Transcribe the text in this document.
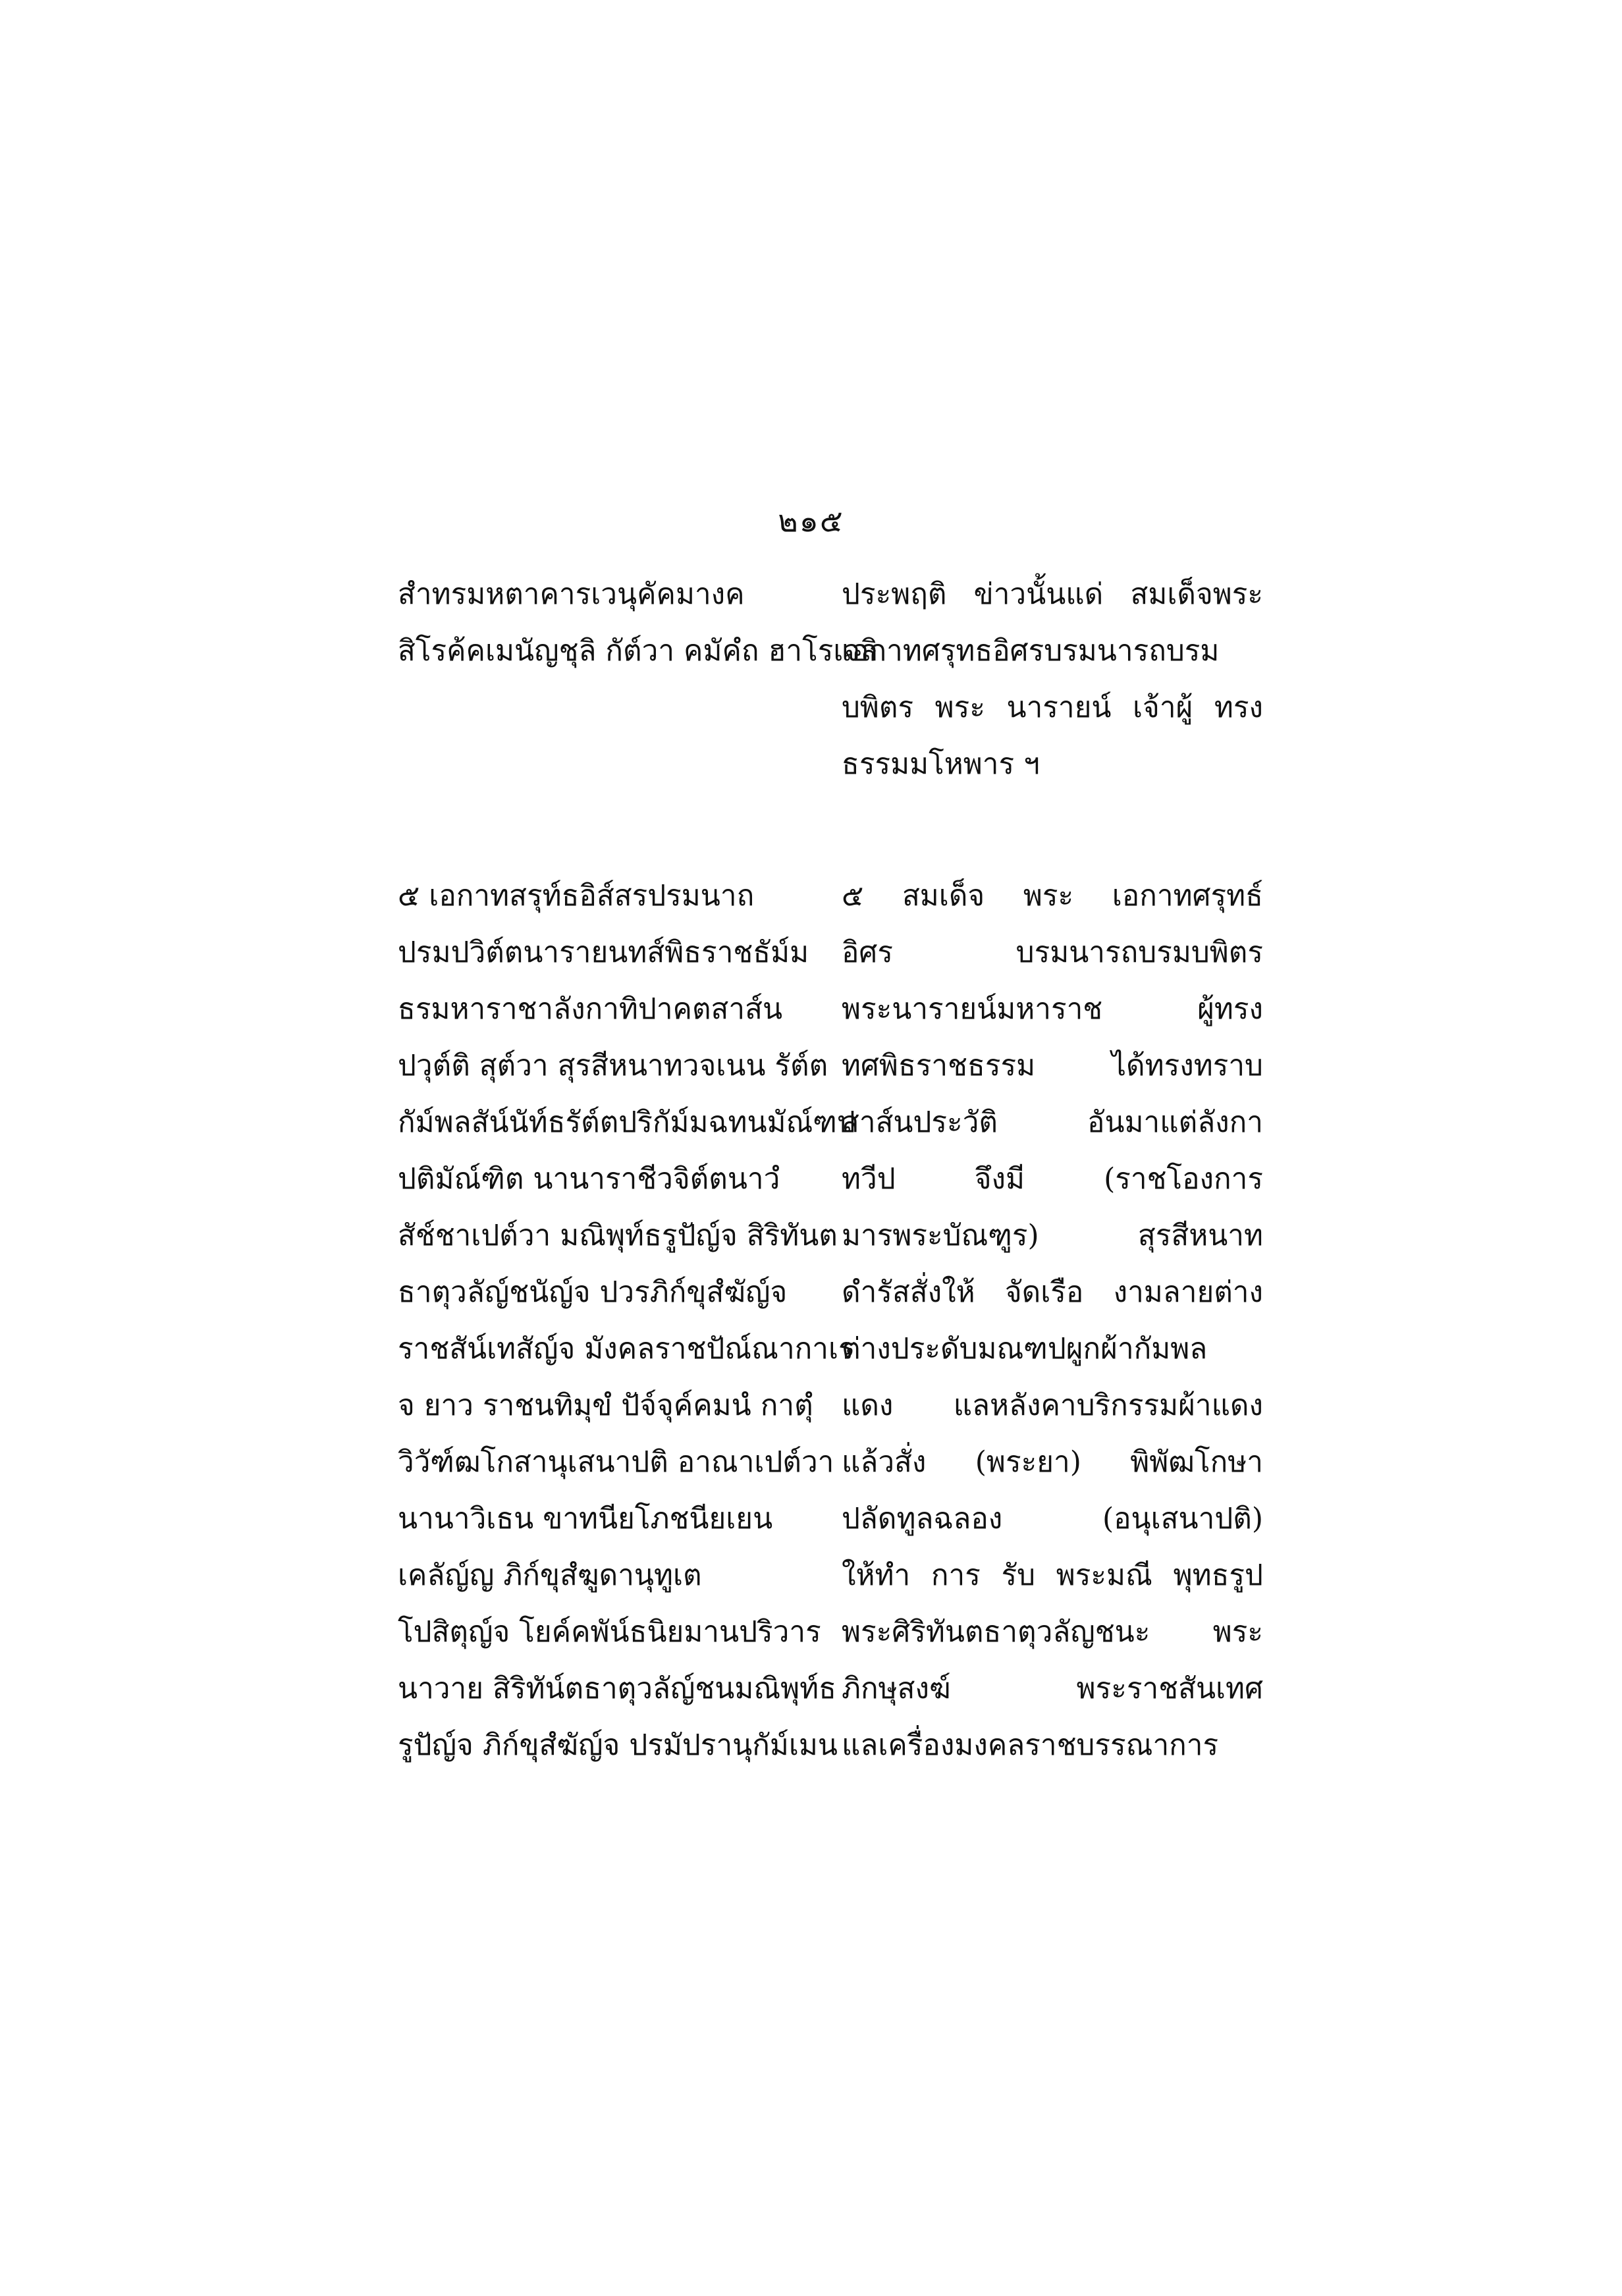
๒๑๕
สำทรมหตาคารเวนุคัคมางค
สิโรค้คเมนัญชุลิ กัต์วา คมัคํถ ฮาโรเจลิ
ประพฤติ ข่าวนั้นแด่ สมเด็จพระ
เอกาทศรุทธอิศรบรมนารถบรม
บพิตร พระ นารายน์ เจ้าผู้ ทรง
ธรรมมโหพาร ฯ
๕ เอกาทสรุท์ธอิส์สรปรมนาถ
ปรมปวิต์ตนารายนทส์พิธราชธัม์ม
ธรมหาราชาลังกาทิปาคตสาส์น
ปวุต์ติ สุต์วา สุรสีหนาทวจเนน รัต์ต
กัม์พลสัน์นัท์ธรัต์ตปริกัม์มฉทนมัณ์ฑป
ปติมัณ์ฑิต นานาราชีวจิต์ตนาวํ
สัช์ชาเปต์วา มณิพุท์ธรูปัญ์จ สิริทันต
ธาตุวลัญ์ชนัญ์จ ปวรภิก์ขุสํฆัญ์จ
ราชสัน์เทสัญ์จ มังคลราชปัณ์ณากาเร
จ ยาว ราชนทิมุขํ ปัจ์จุค์คมนํ กาตุํ
วิวัฑ์ฒโกสานุเสนาปติ อาณาเปต์วา
นานาวิเธน ขาทนียโภชนียเยน
เคลัญ์ญ ภิก์ขุสํฆูดานุทูเต
โปสิตุญ์จ โยค์คพัน์ธนิยมานปริวาร
นาวาย สิริทัน์ตธาตุวลัญ์ชนมณิพุท์ธ
รูปัญ์จ ภิก์ขุสํฆัญ์จ ปรมัปรานุกัม์เมน
๕ สมเด็จ พระ เอกาทศรุทธ์
อิศร บรมนารถบรมบพิตร
พระนารายน์มหาราช ผู้ทรง
ทศพิธราชธรรม ได้ทรงทราบ
สาส์นประวัติ อันมาแต่ลังกา
ทวีป จึงมี (ราชโองการ
มารพระบัณฑูร) สุรสีหนาท
ดำรัสสั่งให้ จัดเรือ งามลายต่าง
ต่างประดับมณฑปผูกผ้ากัมพล
แดง แลหลังคาบริกรรมผ้าแดง
แล้วสั่ง (พระยา) พิพัฒโกษา
ปลัดทูลฉลอง (อนุเสนาปติ)
ให้ทำ การ รับ พระมณี พุทธรูป
พระศิริทันตธาตุวลัญชนะ พระ
ภิกษุสงฆ์ พระราชสันเทศ
แลเครื่องมงคลราชบรรณาการ
